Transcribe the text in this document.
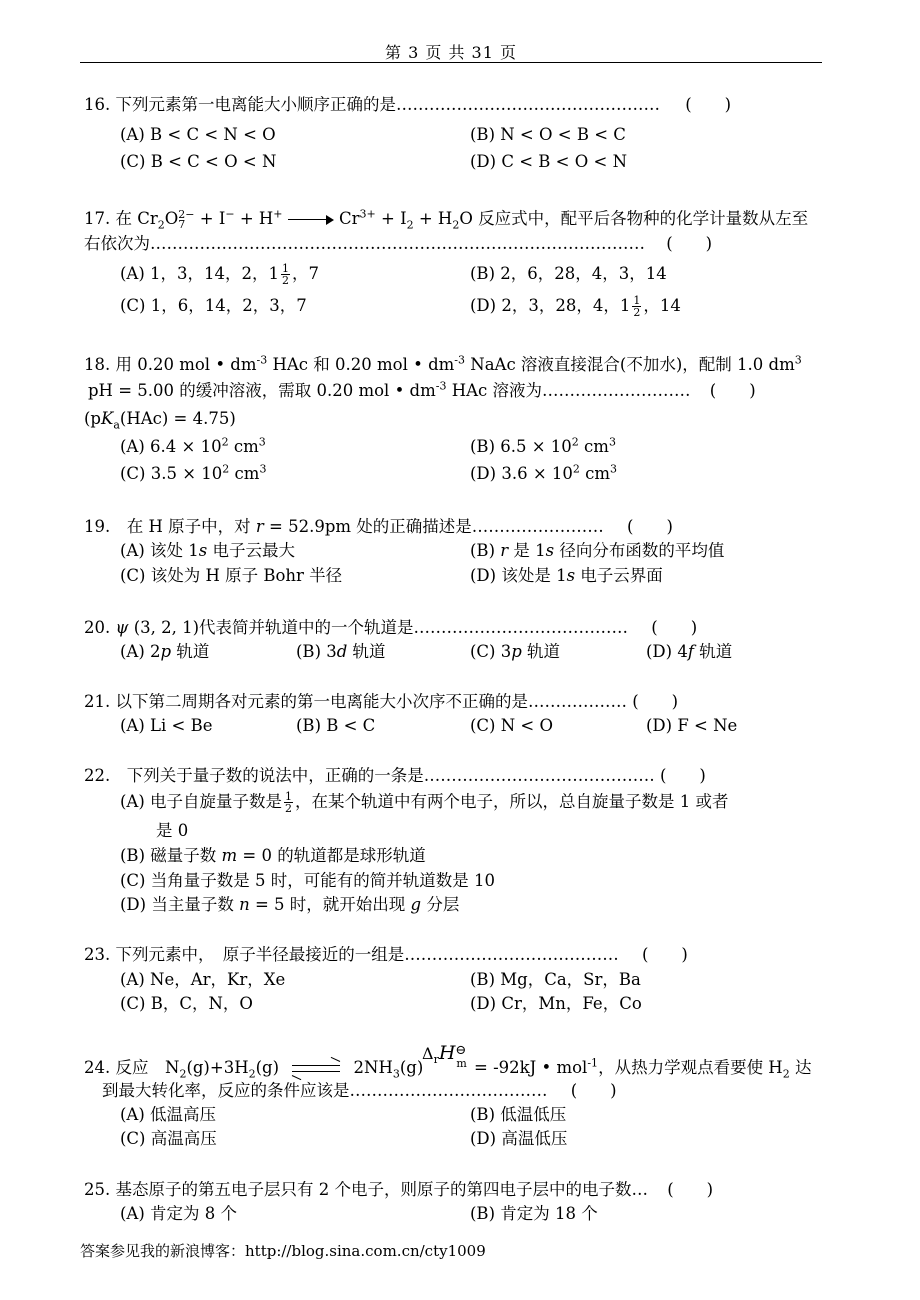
第 3 页 共 31 页
16. 下列元素第一电离能大小顺序正确的是………………………………………… (　　)
(A) B < C < N < O	(B) N < O < B < C
(C) B < C < O < N	(D) C < B < O < N
17. 在 $Cr_2O$ 2−
7 + I− + H+	$Cr^{3+} + I_2 + H_2O$ 反应式中，配平后各物种的化学计量数从左至
右依次为……………………………………………………………………………… (　　)
(A) 1，3，14，2，$1 \frac{1}{2}$ ，7	(B) 2，6，28，4，3，14
(C) 1，6，14，2，3，7	(D) 2，3，28，4，$1 \frac{1}{2}$ ，14
18. 用 0.20 mol • $dm^{-3}$ HAc 和 0.20 mol • $dm^{-3}$ NaAc 溶液直接混合(不加水)，配制 1.0 $dm^3$
pH = 5.00 的缓冲溶液，需取 0.20 mol • $dm^{-3}$ HAc 溶液为……………………… (　　)
$(pK_a(HAc) = 4.75)$
(A) $6.4 \times 10^2$ $cm^3$	(B) $6.5 \times 10^2$ $cm^3$
(C) $3.5 \times 10^2$ $cm^3$	(D) $3.6 \times 10^2$ $cm^3$
19.　在 H 原子中，对 r = 52.9pm 处的正确描述是…………………… (　　)
(A) 该处 1s 电子云最大	(B) r 是 1s 径向分布函数的平均值
(C) 该处为 H 原子 Bohr 半径	(D) 该处是 1s 电子云界面
20. ψ (3, 2, 1)代表简并轨道中的一个轨道是………………………………… (　　)
(A) 2p 轨道	(B) 3d 轨道	(C) 3p 轨道	(D) 4f 轨道
21. 以下第二周期各对元素的第一电离能大小次序不正确的是……………… (　　)
(A) Li < Be	(B) B < C	(C) N < O	(D) F < Ne
22.　下列关于量子数的说法中，正确的一条是…………………………………… (　　)
(A) 电子自旋量子数是 $\frac{1}{2}$ ，在某个轨道中有两个电子，所以，总自旋量子数是 1 或者
是 0
(B) 磁量子数 m = 0 的轨道都是球形轨道
(C) 当角量子数是 5 时，可能有的简并轨道数是 10
(D) 当主量子数 n = 5 时，就开始出现 g 分层
23. 下列元素中，　原子半径最接近的一组是………………………………… (　　)
(A) Ne，Ar，Kr，Xe	(B) Mg，Ca，Sr，Ba
(C) B，C，N，O	(D) Cr，Mn，Fe，Co
24. 反应　$N_2(g)+3H_2(g)$ ⇌ $2NH_3(g)$
$\Delta_rH$ ⊖
m = -92kJ • mol$^{-1}$，从热力学观点看要使 $H_2$ 达
到最大转化率，反应的条件应该是……………………………… (　　)
(A) 低温高压	(B) 低温低压
(C) 高温高压	(D) 高温低压
25. 基态原子的第五电子层只有 2 个电子，则原子的第四电子层中的电子数… (　　)
(A) 肯定为 8 个	(B) 肯定为 18 个
答案参见我的新浪博客：http://blog.sina.com.cn/cty1009
